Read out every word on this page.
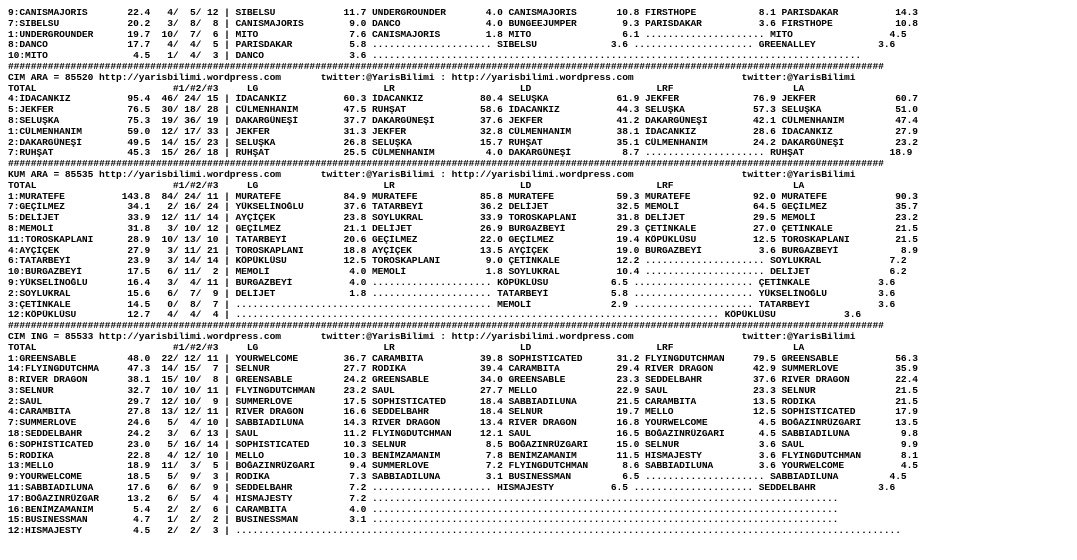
9:CANISMAJORIS       22.4   4/  5/ 12 | SIBELSU            11.7 UNDERGROUNDER       4.0 CANISMAJORIS       10.8 FIRSTHOPE           8.1 PARISDAKAR          14.3
7:SIBELSU            20.2   3/  8/  8 | CANISMAJORIS        9.0 DANCO               4.0 BUNGEEJUMPER        9.3 PARISDAKAR          3.6 FIRSTHOPE           10.8
1:UNDERGROUNDER      19.7  10/  7/  6 | MITO                7.6 CANISMAJORIS        1.8 MITO                6.1 ..................... MITO                 4.5
8:DANCO              17.7   4/  4/  5 | PARISDAKAR          5.8 ..................... SIBELSU             3.6 ..................... GREENALLEY           3.6
10:MITO               4.5   1/  4/  3 | DANCO               3.6 ......................................................................................
##########################################################################################################################################################
CIM ARA = 85520 http://yarisbilimi.wordpress.com       twitter:@YarisBilimi : http://yarisbilimi.wordpress.com                   twitter:@YarisBilimi
TOTAL                        #1/#2/#3     LG                      LR                      LD                      LRF                     LA
4:İDACANKIZ          95.4  46/ 24/ 15 | İDACANKIZ          60.3 İDACANKIZ          80.4 SELUŞKA            61.9 JEKFER             76.9 JEKFER              60.7
5:JEKFER             76.5  30/ 18/ 28 | CÜLMENHANIM        47.5 RUHŞAT             58.6 İDACANKIZ          44.3 SELUŞKA            57.3 SELUŞKA             51.0
8:SELUŞKA            75.3  19/ 36/ 19 | DAKARGÜNEŞİ        37.7 DAKARGÜNEŞİ        37.6 JEKFER             41.2 DAKARGÜNEŞİ        42.1 CÜLMENHANIM         47.4
1:CÜLMENHANIM        59.0  12/ 17/ 33 | JEKFER             31.3 JEKFER             32.8 CÜLMENHANIM        38.1 İDACANKIZ          28.6 İDACANKIZ           27.9
2:DAKARGÜNEŞİ        49.5  14/ 15/ 23 | SELUŞKA            26.8 SELUŞKA            15.7 RUHŞAT             35.1 CÜLMENHANIM        24.2 DAKARGÜNEŞİ         23.2
7:RUHŞAT             45.3  15/ 26/ 18 | RUHŞAT             25.5 CÜLMENHANIM         4.0 DAKARGÜNEŞİ         8.7 ..................... RUHŞAT               18.9
##########################################################################################################################################################
KUM ARA = 85535 http://yarisbilimi.wordpress.com       twitter:@YarisBilimi : http://yarisbilimi.wordpress.com                   twitter:@YarisBilimi
TOTAL                        #1/#2/#3     LG                      LR                      LD                      LRF                     LA
1:MURATEFE          143.8  84/ 24/ 11 | MURATEFE           84.9 MURATEFE           85.8 MURATEFE           59.3 MURATEFE           92.0 MURATEFE            90.3
7:GEÇİLMEZ           34.1   2/ 16/ 24 | YÜKSELİNOĞLU       37.6 TATARBEYİ          36.2 DELİJET            32.5 MEMOLİ             64.5 GEÇİLMEZ            35.7
5:DELİJET            33.9  12/ 11/ 14 | AYÇİÇEK            23.8 SOYLUKRAL          33.9 TOROSKAPLANI       31.8 DELİJET            29.5 MEMOLİ              23.2
8:MEMOLİ             31.8   3/ 10/ 12 | GEÇİLMEZ           21.1 DELİJET            26.9 BURGAZBEYİ         29.3 ÇETİNKALE          27.0 ÇETİNKALE           21.5
11:TOROSKAPLANI      28.9  10/ 13/ 10 | TATARBEYİ          20.6 GEÇİLMEZ           22.0 GEÇİLMEZ           19.4 KÖPÜKLÜSU          12.5 TOROSKAPLANI        21.5
4:AYÇİÇEK            27.9   3/ 11/ 21 | TOROSKAPLANI       18.8 AYÇİÇEK            13.5 AYÇİÇEK            19.0 BURGAZBEYİ          3.6 BURGAZBEYİ           8.9
6:TATARBEYİ          23.9   3/ 14/ 14 | KÖPÜKLÜSU          12.5 TOROSKAPLANI        9.0 ÇETİNKALE          12.2 ..................... SOYLUKRAL            7.2
10:BURGAZBEYİ        17.5   6/ 11/  2 | MEMOLİ              4.0 MEMOLİ              1.8 SOYLUKRAL          10.4 ..................... DELİJET              6.2
9:YÜKSELİNOĞLU       16.4   3/  4/ 11 | BURGAZBEYİ          4.0 ..................... KÖPÜKLÜSU           6.5 ..................... ÇETİNKALE            3.6
2:SOYLUKRAL          15.6   6/  7/  9 | DELİJET             1.8 ..................... TATARBEYİ           5.8 ..................... YÜKSELİNOĞLU         3.6
3:ÇETİNKALE          14.5   0/  8/  7 | ............................................. MEMOLİ              2.9 ..................... TATARBEYİ            3.6
12:KÖPÜKLÜSU         12.7   4/  4/  4 | ..................................................................................... KÖPÜKLÜSU            3.6
##########################################################################################################################################################
CIM ING = 85533 http://yarisbilimi.wordpress.com       twitter:@YarisBilimi : http://yarisbilimi.wordpress.com                   twitter:@YarisBilimi
TOTAL                        #1/#2/#3     LG                      LR                      LD                      LRF                     LA
1:GREENSABLE         48.0  22/ 12/ 11 | YOURWELCOME        36.7 CARAMBITA          39.8 SOPHISTICATED      31.2 FLYINGDUTCHMAN     79.5 GREENSABLE          56.3
14:FLYINGDUTCHMA     47.3  14/ 15/  7 | SELNUR             27.7 RODIKA             39.4 CARAMBITA          29.4 RIVER DRAGON       42.9 SUMMERLOVE          35.9
8:RIVER DRAGON       38.1  15/ 10/  8 | GREENSABLE         24.2 GREENSABLE         34.0 GREENSABLE         23.3 SEDDELBAHR         37.6 RIVER DRAGON        22.4
3:SELNUR             32.7  10/ 10/ 11 | FLYINGDUTCHMAN     23.2 SAUL               27.7 MELLO              22.9 SAUL               23.3 SELNUR              21.5
2:SAUL               29.7  12/ 10/  9 | SUMMERLOVE         17.5 SOPHISTICATED      18.4 SABBIADILUNA       21.5 CARAMBITA          13.5 RODIKA              21.5
4:CARAMBITA          27.8  13/ 12/ 11 | RIVER DRAGON       16.6 SEDDELBAHR         18.4 SELNUR             19.7 MELLO              12.5 SOPHISTICATED       17.9
7:SUMMERLOVE         24.6   5/  4/ 10 | SABBIADILUNA       14.3 RIVER DRAGON       13.4 RIVER DRAGON       16.8 YOURWELCOME         4.5 BOĞAZINRÜZGARI      13.5
18:SEDDELBAHR        24.2   3/  6/ 13 | SAUL               11.2 FLYINGDUTCHMAN     12.1 SAUL               16.5 BOĞAZINRÜZGARI      4.5 SABBIADILUNA         9.8
6:SOPHISTICATED      23.0   5/ 16/ 14 | SOPHISTICATED      10.3 SELNUR              8.5 BOĞAZINRÜZGARI     15.0 SELNUR              3.6 SAUL                 9.9
5:RODIKA             22.8   4/ 12/ 10 | MELLO              10.3 BENİMZAMANIM        7.8 BENİMZAMANIM       11.5 HISMAJESTY          3.6 FLYINGDUTCHMAN       8.1
13:MELLO             18.9  11/  3/  5 | BOĞAZINRÜZGARI      9.4 SUMMERLOVE          7.2 FLYINGDUTCHMAN      8.6 SABBIADILUNA        3.6 YOURWELCOME          4.5
9:YOURWELCOME        18.5   5/  9/  3 | RODIKA              7.3 SABBIADILUNA        3.1 BUSINESSMAN         6.5 ..................... SABBIADILUNA         4.5
11:SABBIADILUNA      17.6   6/  6/  9 | SEDDELBAHR          7.2 ..................... HISMAJESTY          6.5 ..................... SEDDELBAHR           3.6
17:BOĞAZINRÜZGAR     13.2   6/  5/  4 | HISMAJESTY          7.2 ..................................................................................
16:BENİMZAMANIM       5.4   2/  2/  6 | CARAMBITA           4.0 ..................................................................................
15:BUSINESSMAN        4.7   1/  2/  2 | BUSINESSMAN         3.1 ..................................................................................
12:HISMAJESTY         4.5   2/  2/  3 | .....................................................................................................................
